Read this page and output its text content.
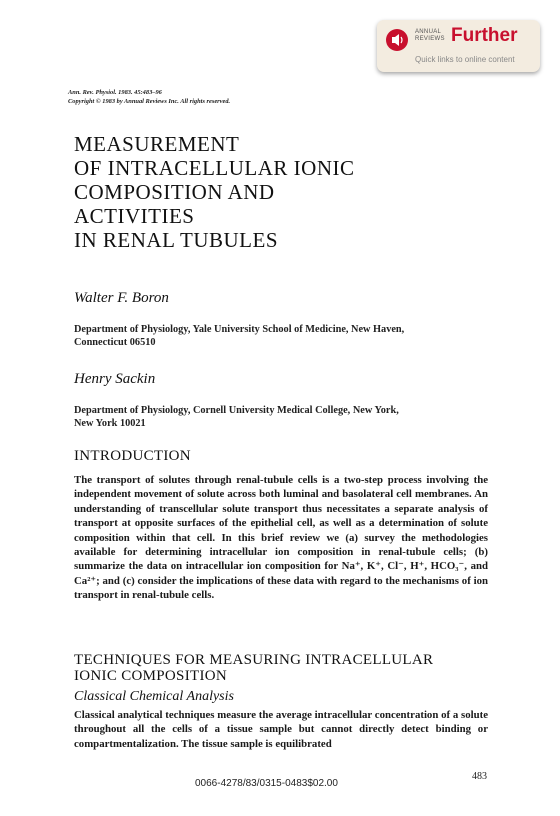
ANNUAL
REVIEWS Further
Quick links to online content
Ann. Rev. Physiol. 1983. 45:483–96
Copyright © 1983 by Annual Reviews Inc. All rights reserved.
MEASUREMENT
OF INTRACELLULAR IONIC
COMPOSITION AND
ACTIVITIES
IN RENAL TUBULES
Walter F. Boron
Department of Physiology, Yale University School of Medicine, New Haven,
Connecticut 06510
Henry Sackin
Department of Physiology, Cornell University Medical College, New York,
New York 10021
INTRODUCTION

The transport of solutes through renal-tubule cells is a two-step process involving the independent movement of solute across both luminal and basolateral cell membranes. An understanding of transcellular solute transport thus necessitates a separate analysis of transport at opposite surfaces of the epithelial cell, as well as a determination of solute composition within that cell. In this brief review we (a) survey the methodologies available for determining intracellular ion composition in renal-tubule cells; (b) summarize the data on intracellular ion composition for Na⁺, K⁺, Cl⁻, H⁺, HCO₃⁻, and Ca²⁺; and (c) consider the implications of these data with regard to the mechanisms of ion transport in renal-tubule cells.

TECHNIQUES FOR MEASURING INTRACELLULAR
IONIC COMPOSITION
Classical Chemical Analysis

Classical analytical techniques measure the average intracellular concentration of a solute throughout all the cells of a tissue sample but cannot directly detect binding or compartmentalization. The tissue sample is equilibrated

0066-4278/83/0315-0483$02.00

483
